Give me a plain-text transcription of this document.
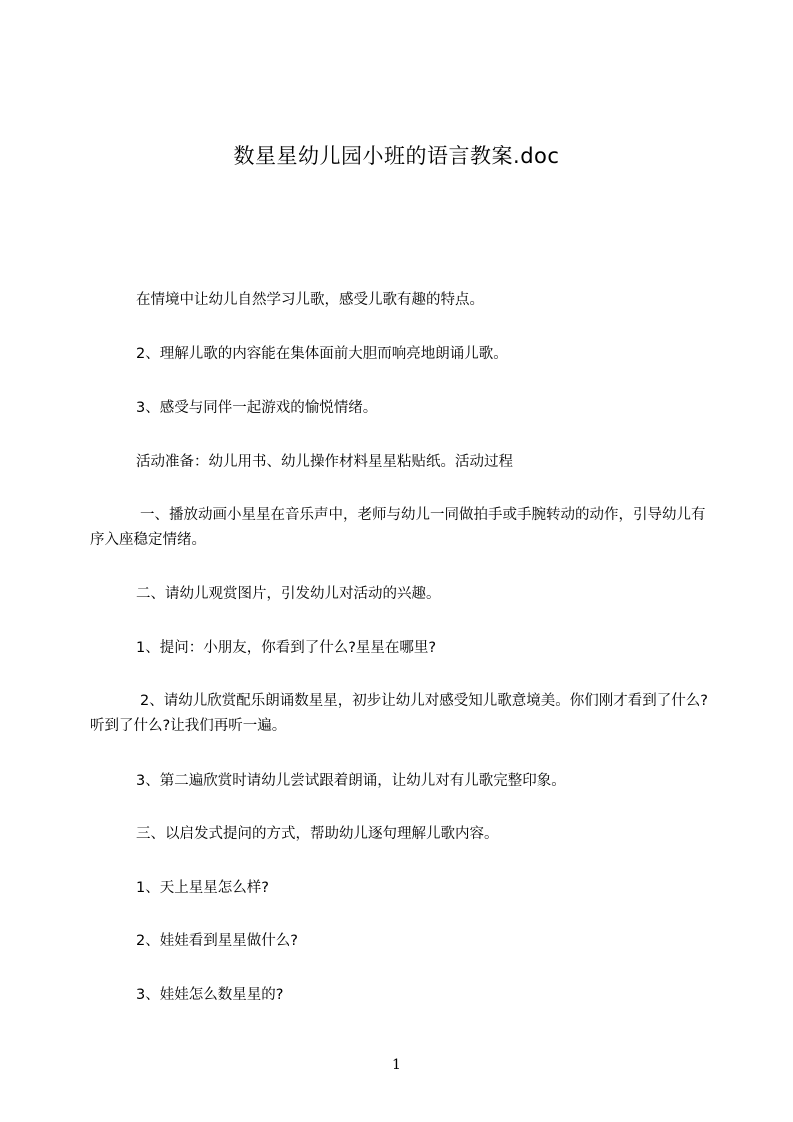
数星星幼儿园小班的语言教案.doc
在情境中让幼儿自然学习儿歌，感受儿歌有趣的特点。
2、理解儿歌的内容能在集体面前大胆而响亮地朗诵儿歌。
3、感受与同伴一起游戏的愉悦情绪。
活动准备：幼儿用书、幼儿操作材料星星粘贴纸。活动过程
一、播放动画小星星在音乐声中，老师与幼儿一同做拍手或手腕转动的动作，引导幼儿有序入座稳定情绪。
二、请幼儿观赏图片，引发幼儿对活动的兴趣。
1、提问：小朋友，你看到了什么?星星在哪里?
2、请幼儿欣赏配乐朗诵数星星，初步让幼儿对感受知儿歌意境美。你们刚才看到了什么?听到了什么?让我们再听一遍。
3、第二遍欣赏时请幼儿尝试跟着朗诵，让幼儿对有儿歌完整印象。
三、以启发式提问的方式，帮助幼儿逐句理解儿歌内容。
1、天上星星怎么样?
2、娃娃看到星星做什么?
3、娃娃怎么数星星的?
1
